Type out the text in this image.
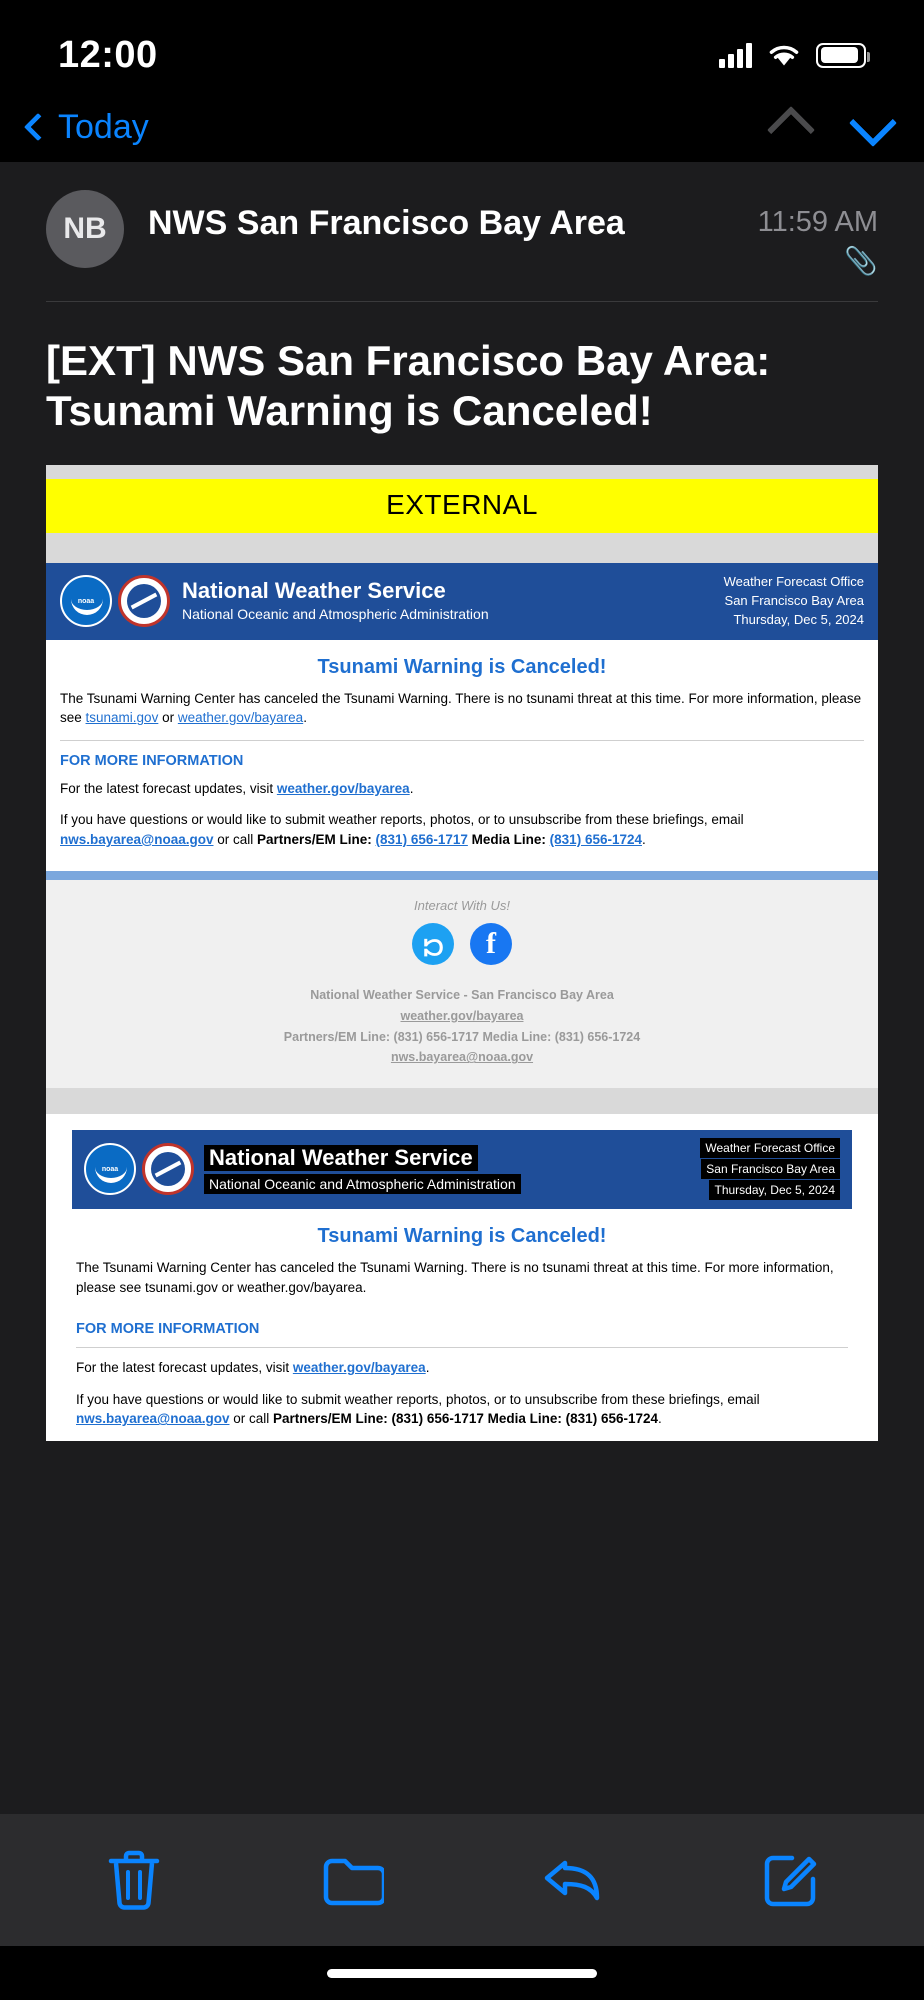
12:00
Today
NB	NWS San Francisco Bay Area	11:59 AM
📎
[EXT] NWS San Francisco Bay Area: Tsunami Warning is Canceled!
EXTERNAL
noaa	National Weather Service
National Oceanic and Atmospheric Administration
Weather Forecast Office
San Francisco Bay Area
Thursday, Dec 5, 2024
Tsunami Warning is Canceled!
The Tsunami Warning Center has canceled the Tsunami Warning. There is no tsunami threat at this time. For more information, please see tsunami.gov or weather.gov/bayarea.
FOR MORE INFORMATION
For the latest forecast updates, visit weather.gov/bayarea.
If you have questions or would like to submit weather reports, photos, or to unsubscribe from these briefings, email nws.bayarea@noaa.gov or call Partners/EM Line: (831) 656-1717 Media Line: (831) 656-1724.
Interact With Us!
𝈀	f
National Weather Service - San Francisco Bay Area
weather.gov/bayarea
Partners/EM Line: (831) 656-1717 Media Line: (831) 656-1724
nws.bayarea@noaa.gov
noaa	National Weather Service
National Oceanic and Atmospheric Administration
Weather Forecast Office
San Francisco Bay Area
Thursday, Dec 5, 2024
Tsunami Warning is Canceled!
The Tsunami Warning Center has canceled the Tsunami Warning. There is no tsunami threat at this time. For more information, please see tsunami.gov or weather.gov/bayarea.
FOR MORE INFORMATION
For the latest forecast updates, visit weather.gov/bayarea.
If you have questions or would like to submit weather reports, photos, or to unsubscribe from these briefings, email nws.bayarea@noaa.gov or call Partners/EM Line: (831) 656-1717 Media Line: (831) 656-1724.
